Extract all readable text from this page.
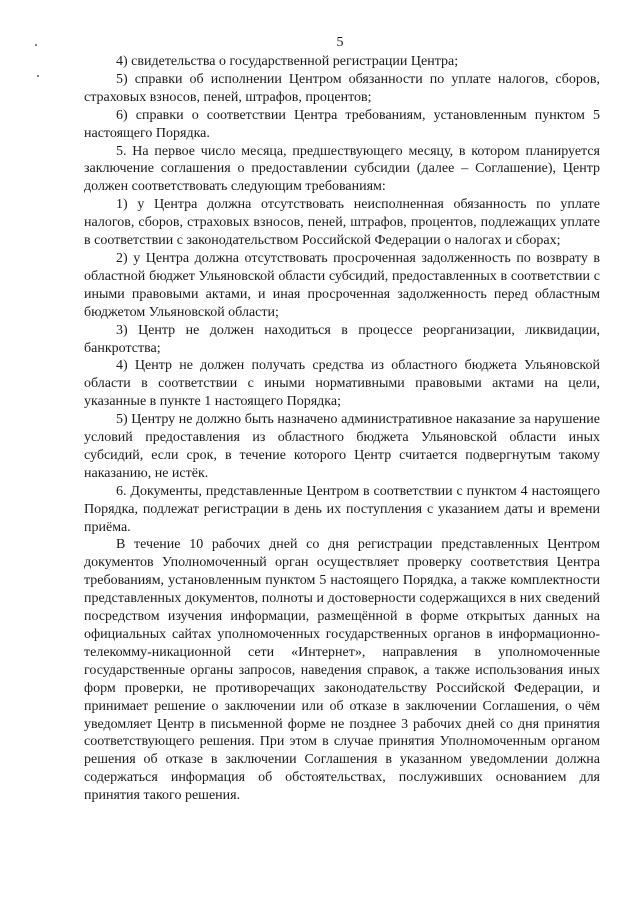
5

4) свидетельства о государственной регистрации Центра;

5) справки об исполнении Центром обязанности по уплате налогов, сборов, страховых взносов, пеней, штрафов, процентов;

6) справки о соответствии Центра требованиям, установленным пунктом 5 настоящего Порядка.

5. На первое число месяца, предшествующего месяцу, в котором планируется заключение соглашения о предоставлении субсидии (далее – Соглашение), Центр должен соответствовать следующим требованиям:

1) у Центра должна отсутствовать неисполненная обязанность по уплате налогов, сборов, страховых взносов, пеней, штрафов, процентов, подлежащих уплате в соответствии с законодательством Российской Федерации о налогах и сборах;

2) у Центра должна отсутствовать просроченная задолженность по возврату в областной бюджет Ульяновской области субсидий, предоставленных в соответствии с иными правовыми актами, и иная просроченная задолженность перед областным бюджетом Ульяновской области;

3) Центр не должен находиться в процессе реорганизации, ликвидации, банкротства;

4) Центр не должен получать средства из областного бюджета Ульяновской области в соответствии с иными нормативными правовыми актами на цели, указанные в пункте 1 настоящего Порядка;

5) Центру не должно быть назначено административное наказание за нарушение условий предоставления из областного бюджета Ульяновской области иных субсидий, если срок, в течение которого Центр считается подвергнутым такому наказанию, не истёк.

6. Документы, представленные Центром в соответствии с пунктом 4 настоящего Порядка, подлежат регистрации в день их поступления с указанием даты и времени приёма.

В течение 10 рабочих дней со дня регистрации представленных Центром документов Уполномоченный орган осуществляет проверку соответствия Центра требованиям, установленным пунктом 5 настоящего Порядка, а также комплектности представленных документов, полноты и достоверности содержащихся в них сведений посредством изучения информации, размещённой в форме открытых данных на официальных сайтах уполномоченных государственных органов в информационно-телекомму-никационной сети «Интернет», направления в уполномоченные государственные органы запросов, наведения справок, а также использования иных форм проверки, не противоречащих законодательству Российской Федерации, и принимает решение о заключении или об отказе в заключении Соглашения, о чём уведомляет Центр в письменной форме не позднее 3 рабочих дней со дня принятия соответствующего решения. При этом в случае принятия Уполномоченным органом решения об отказе в заключении Соглашения в указанном уведомлении должна содержаться информация об обстоятельствах, послуживших основанием для принятия такого решения.
